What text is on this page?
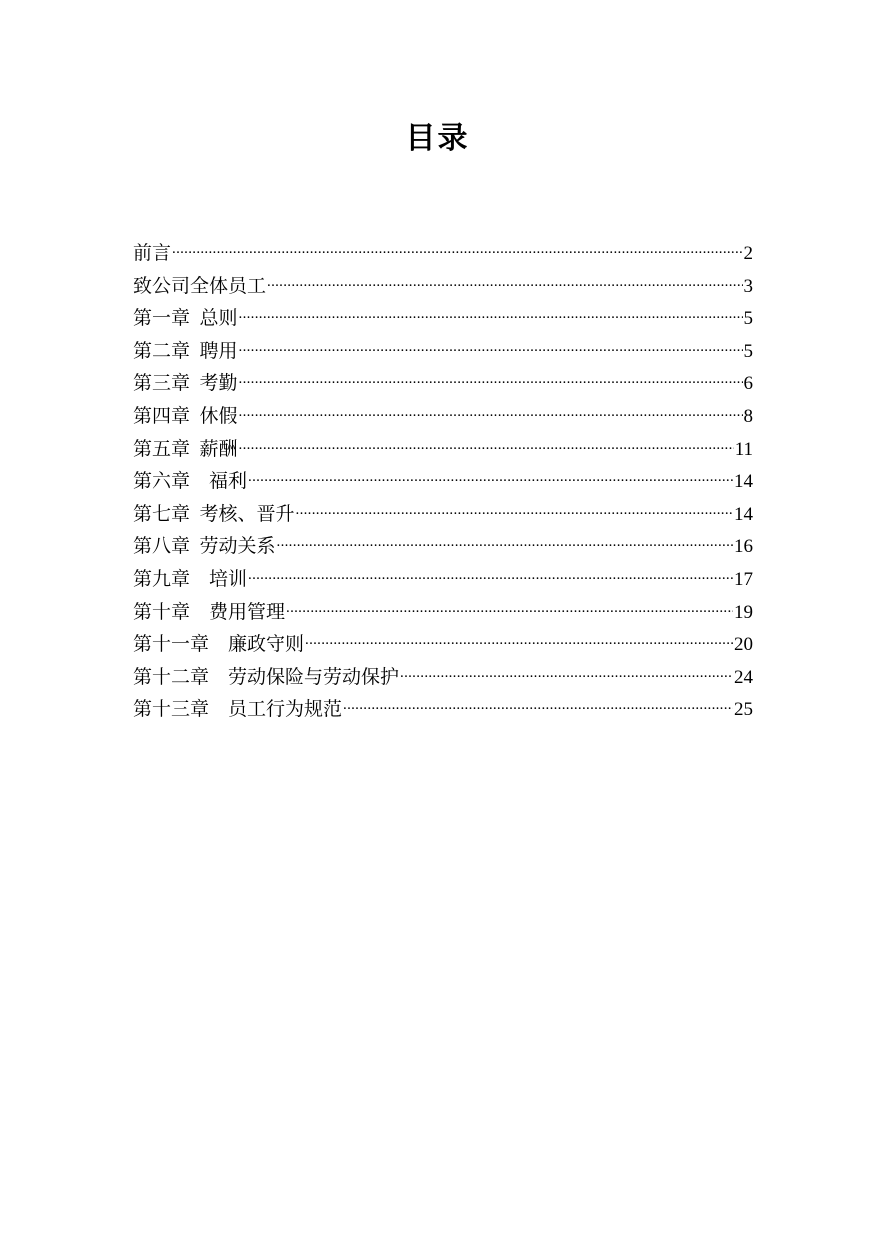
目录
前言 .....	2
致公司全体员工 .....	3
第一章  总则 .....	5
第二章  聘用 .....	5
第三章  考勤 .....	6
第四章  休假 .....	8
第五章  薪酬 .....	11
第六章    福利 .....	14
第七章  考核、晋升 .....	14
第八章  劳动关系 .....	16
第九章    培训 .....	17
第十章    费用管理 .....	19
第十一章    廉政守则 .....	20
第十二章    劳动保险与劳动保护 .....	24
第十三章    员工行为规范 .....	25
